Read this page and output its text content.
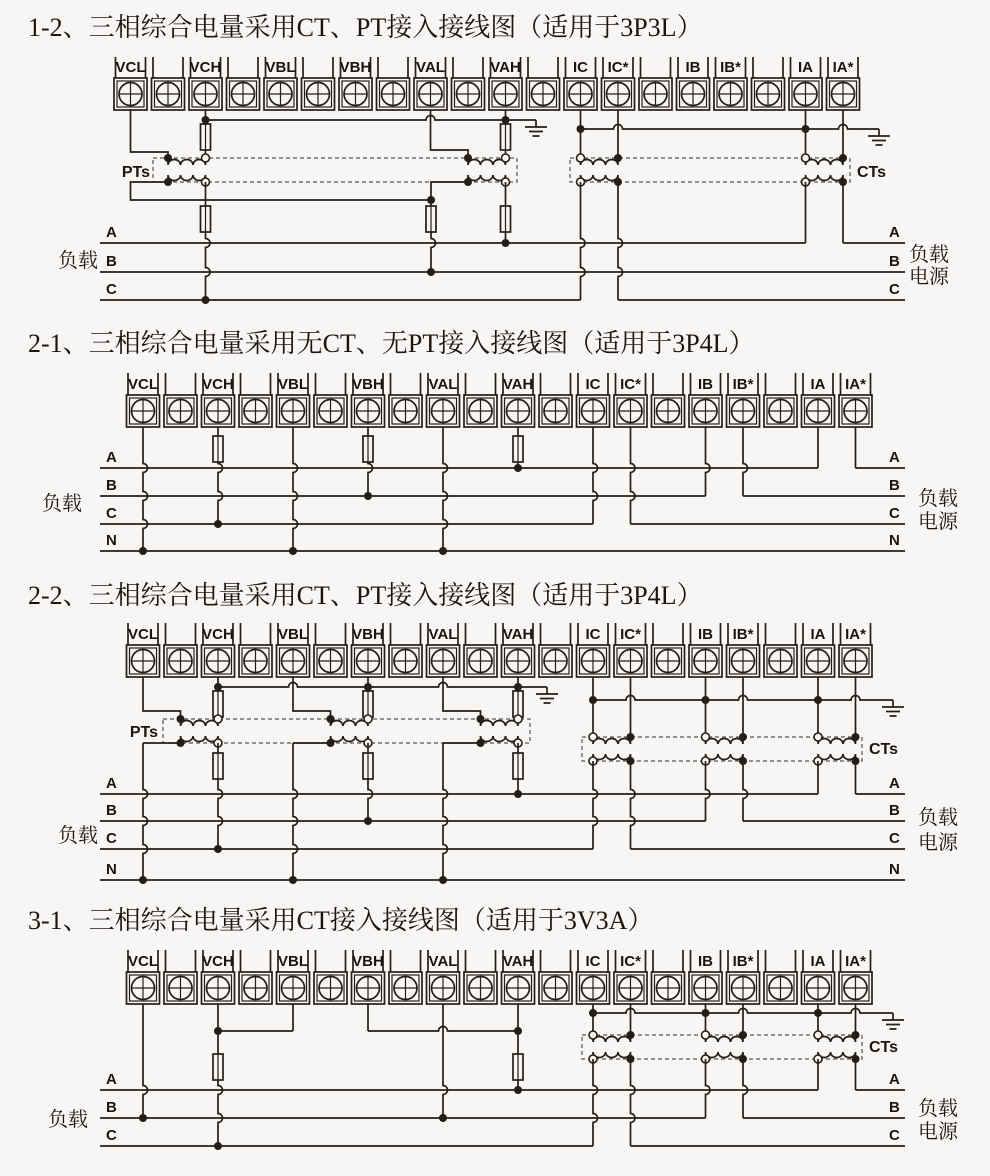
1-2、三相综合电量采用CT、PT接入接线图（适用于3P3L）
2-1、三相综合电量采用无CT、无PT接入接线图（适用于3P4L）
2-2、三相综合电量采用CT、PT接入接线图（适用于3P4L）
3-1、三相综合电量采用CT接入接线图（适用于3V3A）
VCL	VCH	VBL	VBH	VAL	VAH	IC IC*	IB IB*	IA IA*
PTs	CTs
A
B
C
A
B
C
负载	负载
电源
VCL	VCH	VBL	VBH	VAL	VAH	IC IC*	IB IB*	IA IA*
A
B
C
N
A
B
C
N
负载	负载
电源
VCL	VCH	VBL	VBH	VAL	VAH	IC IC*	IB IB*	IA IA*
PTs
CTs
A
B
C
N
A
B
C
N
负载
负载
电源
VCL	VCH	VBL	VBH	VAL	VAH	IC IC*	IB IB*	IA IA*
CTs
A
B
C
A
B
C
负载	负载
电源
